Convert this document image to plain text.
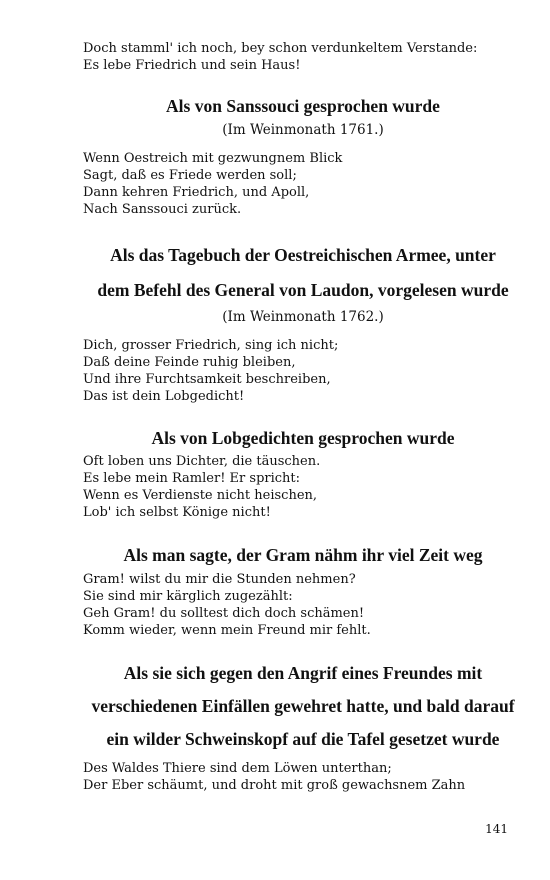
Doch stamml' ich noch, bey schon verdunkeltem Verstande:
Es lebe Friedrich und sein Haus!
Als von Sanssouci gesprochen wurde
(Im Weinmonath 1761.)
Wenn Oestreich mit gezwungnem Blick
Sagt, daß es Friede werden soll;
Dann kehren Friedrich, und Apoll,
Nach Sanssouci zurück.
Als das Tagebuch der Oestreichischen Armee, unter
dem Befehl des General von Laudon, vorgelesen wurde
(Im Weinmonath 1762.)
Dich, grosser Friedrich, sing ich nicht;
Daß deine Feinde ruhig bleiben,
Und ihre Furchtsamkeit beschreiben,
Das ist dein Lobgedicht!
Als von Lobgedichten gesprochen wurde
Oft loben uns Dichter, die täuschen.
Es lebe mein Ramler! Er spricht:
Wenn es Verdienste nicht heischen,
Lob' ich selbst Könige nicht!
Als man sagte, der Gram nähm ihr viel Zeit weg
Gram! wilst du mir die Stunden nehmen?
Sie sind mir kärglich zugezählt:
Geh Gram! du solltest dich doch schämen!
Komm wieder, wenn mein Freund mir fehlt.
Als sie sich gegen den Angrif eines Freundes mit
verschiedenen Einfällen gewehret hatte, und bald darauf
ein wilder Schweinskopf auf die Tafel gesetzet wurde
Des Waldes Thiere sind dem Löwen unterthan;
Der Eber schäumt, und droht mit groß gewachsnem Zahn
141
